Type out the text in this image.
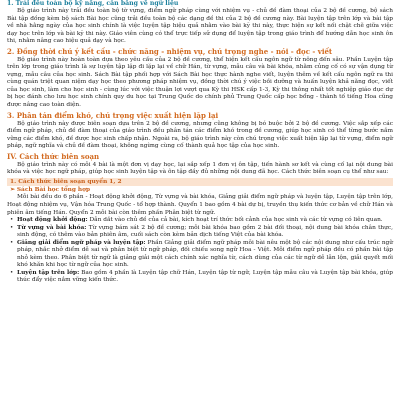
1. Trải đều toàn bộ kỹ năng, cân bằng về ngữ liệu

Bộ giáo trình này trải đều toàn bộ tờ vựng, điểm ngữ pháp cùng với nhiệm vụ - chủ đề đàm thoại của 2 bộ đề cương, bộ sách Bài tập đồng kèm bộ sách Bài học cũng trải đều toàn bộ các dạng đề thi của 2 bộ đề cương này. Bài luyện tập trên lớp và bài tập về nhà hằng ngày của học sinh chính là việc luyện tập hiệu quả nhằm vào bài kỹ thi này, thực hiện sự kết nối chặt chẽ giữa việc dạy học trên lớp và bài kỹ thi này. Giáo viên cùng có thể trực tiếp sử dụng để luyện tập trong giáo trình để hướng dẫn học sinh ôn thi, nhằm nâng cao hiệu quả dạy và học.

2. Đồng thời chú ý kết cấu - chức năng - nhiệm vụ, chú trọng nghe - nói - đọc - viết

Bộ giáo trình này hoàn toàn dựa theo yêu cầu của 2 bộ đề cương, thể hiện kết cấu ngôn ngữ từ nông đến sâu. Phần Luyện tập trên lớp trong giáo trình là sự luyện tập lặp đi lặp lại về chữ Hán, từ vựng, mẫu câu và bài khóa, nhằm củng cố có sự vận dụng từ vựng, mẫu câu của học sinh. Sách Bài tập phối hợp với Sách Bài học thực hành nghe viết, luyện thêm về kết cấu ngôn ngữ ra thi cùng quán triệt quan niệm dạy học theo phương pháp nhiệm vụ, đồng thời chú ý việc bồi dưỡng và huấn luyện khả năng đọc, viết của học sinh, làm cho học sinh - cùng lúc với việc thuận lợi vượt qua Kỳ thi HSK cấp 1-3, Kỳ thi thông nhất tốt nghiệp giáo dục dự bị học đánh cho lưu học sinh chính quy du học tại Trung Quốc do chính phủ Trung Quốc cấp học bổng - thành tố tiếng Hoa cũng được nâng cao toàn diện.

3. Phân tán điểm khó, chú trọng việc xuất hiện lặp lại

Bộ giáo trình này được biên soạn dựa trên 2 bộ đề cương, nhưng cũng không bị bó buộc bởi 2 bộ đề cương. Việc sắp xếp các điểm ngữ pháp, chủ đề đàm thoại của giáo trình đều phân tán các điểm khó trong đề cương, giúp học sinh có thể từng bước nắm vững các điểm khó, đề được học sinh chấp nhận. Ngoài ra, bộ giáo trình này còn chú trọng việc xuất hiện lặp lại từ vựng, điểm ngữ pháp, ngữ nghĩa và chủ đề đàm thoại, không ngừng cùng cố thành quả học tập của học sinh.

IV. Cách thức biên soạn

Bộ giáo trình này có mỗi 4 bài là một đơn vị dạy học, lại sắp xếp 1 đơn vị ôn tập, tiến hành sơ kết và cùng cố lại nội dung bài khóa và việc học ngữ pháp, giúp học sinh luyện tập và ôn tập đầy đủ những nội dung đã học. Cách thức biên soạn cụ thể như sau:

1. Cách thức biên soạn quyển 1, 2
➢ Sách Bài học tổng hợp

Mỗi bài đều do 6 phần - Hoạt động khởi động, Từ vựng và bài khóa, Giảng giải điểm ngữ pháp và luyện tập, Luyện tập trên lớp, Hoạt động nhiệm vụ, Vận hóa Trung Quốc - tổ hợp thành. Quyển 1 bao gồm 4 bài dự bị, truyền thụ kiến thức cơ bản về chữ Hán và phiên âm tiếng Hán. Quyển 2 mỗi bài còn thêm phần Phân biệt từ ngữ.

• Hoạt động khởi động: Dẫn dắt vào chủ đề của cả bài, kích hoạt trí thức bối cảnh của học sinh và các từ vựng có liên quan.

• Từ vựng và bài khóa: Từ vựng bám sát 2 bộ đề cương; mỗi bài khóa bao gồm 2 bài đối thoại, nội dung bài khóa chân thực, sinh động, có thêm vào bản phiên âm, cuối sách còn kèm bản dịch tiếng Việt của bài khóa.

• Giảng giải điểm ngữ pháp và luyện tập: Phần Giảng giải điểm ngữ pháp mỗi bài nêu một bộ các nội dung như cấu trúc ngữ pháp, nhắc nhở điểm dễ sai và phân biệt từ ngữ pháp, đối chiếu song ngữ Hoa - Việt. Mỗi điểm ngữ pháp đều có phần bài tập nhỏ kèm theo. Phân biệt từ ngữ là giảng giải một cách chính xác nghĩa từ, cách dùng của các từ ngữ dễ lẫn lộn, giải quyết mối khó khăn khi học từ ngữ của học sinh.

• Luyện tập trên lớp: Bao gồm 4 phần là Luyện tập chữ Hán, Luyện tập từ ngữ, Luyện tập mẫu câu và Luyện tập bài khóa, giúp thúc đẩy việc nắm vững kiến thức.
